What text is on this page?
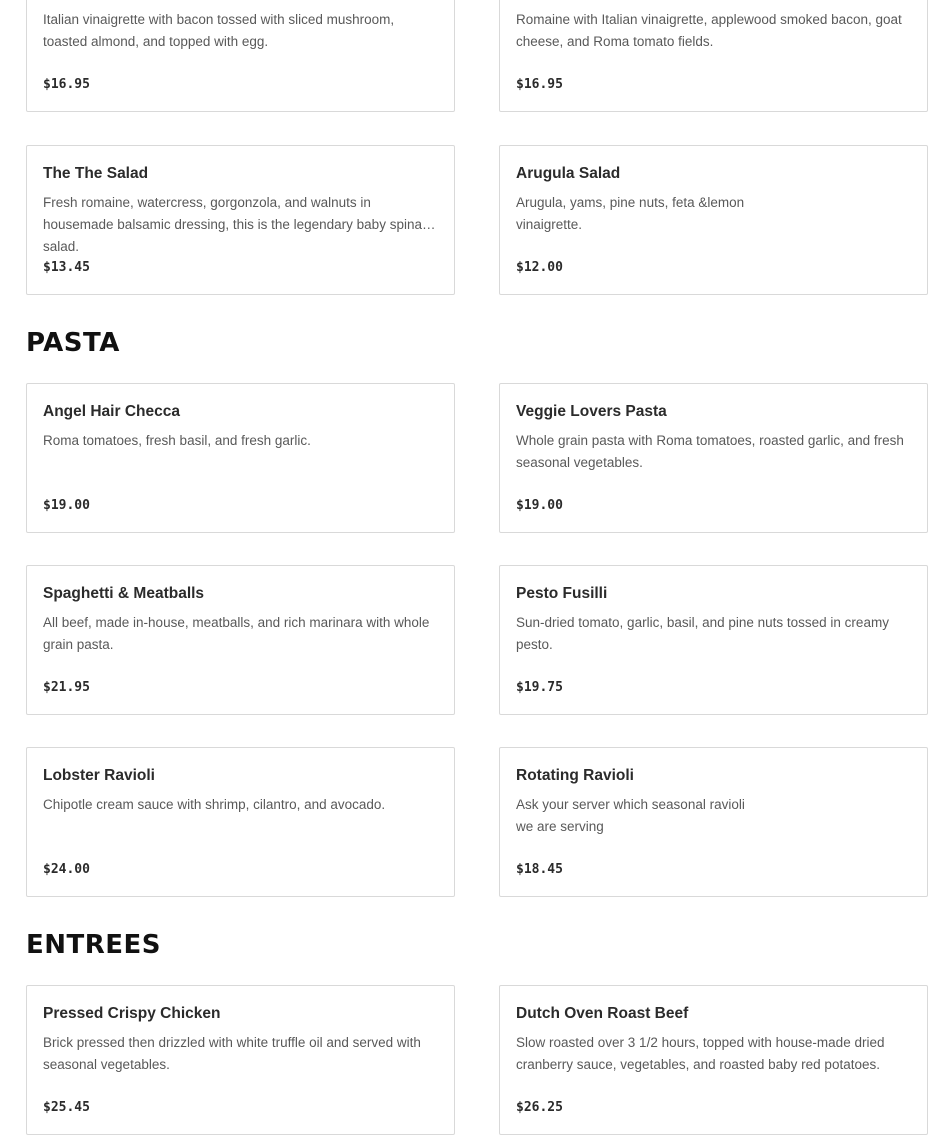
Italian vinaigrette with bacon tossed with sliced mushroom, toasted almond, and topped with egg.
$16.95
Romaine with Italian vinaigrette, applewood smoked bacon, goat cheese, and Roma tomato fields.
$16.95
The The Salad
Fresh romaine, watercress, gorgonzola, and walnuts in housemade balsamic dressing, this is the legendary baby spinach salad.
$13.45
Arugula Salad
Arugula, yams, pine nuts, feta &lemon
vinaigrette.
$12.00
PASTA
Angel Hair Checca
Roma tomatoes, fresh basil, and fresh garlic.
$19.00
Veggie Lovers Pasta
Whole grain pasta with Roma tomatoes, roasted garlic, and fresh seasonal vegetables.
$19.00
Spaghetti & Meatballs
All beef, made in-house, meatballs, and rich marinara with whole grain pasta.
$21.95
Pesto Fusilli
Sun-dried tomato, garlic, basil, and pine nuts tossed in creamy pesto.
$19.75
Lobster Ravioli
Chipotle cream sauce with shrimp, cilantro, and avocado.
$24.00
Rotating Ravioli
Ask your server which seasonal ravioli
we are serving
$18.45
ENTREES
Pressed Crispy Chicken
Brick pressed then drizzled with white truffle oil and served with seasonal vegetables.
$25.45
Dutch Oven Roast Beef
Slow roasted over 3 1/2 hours, topped with house-made dried cranberry sauce, vegetables, and roasted baby red potatoes.
$26.25
